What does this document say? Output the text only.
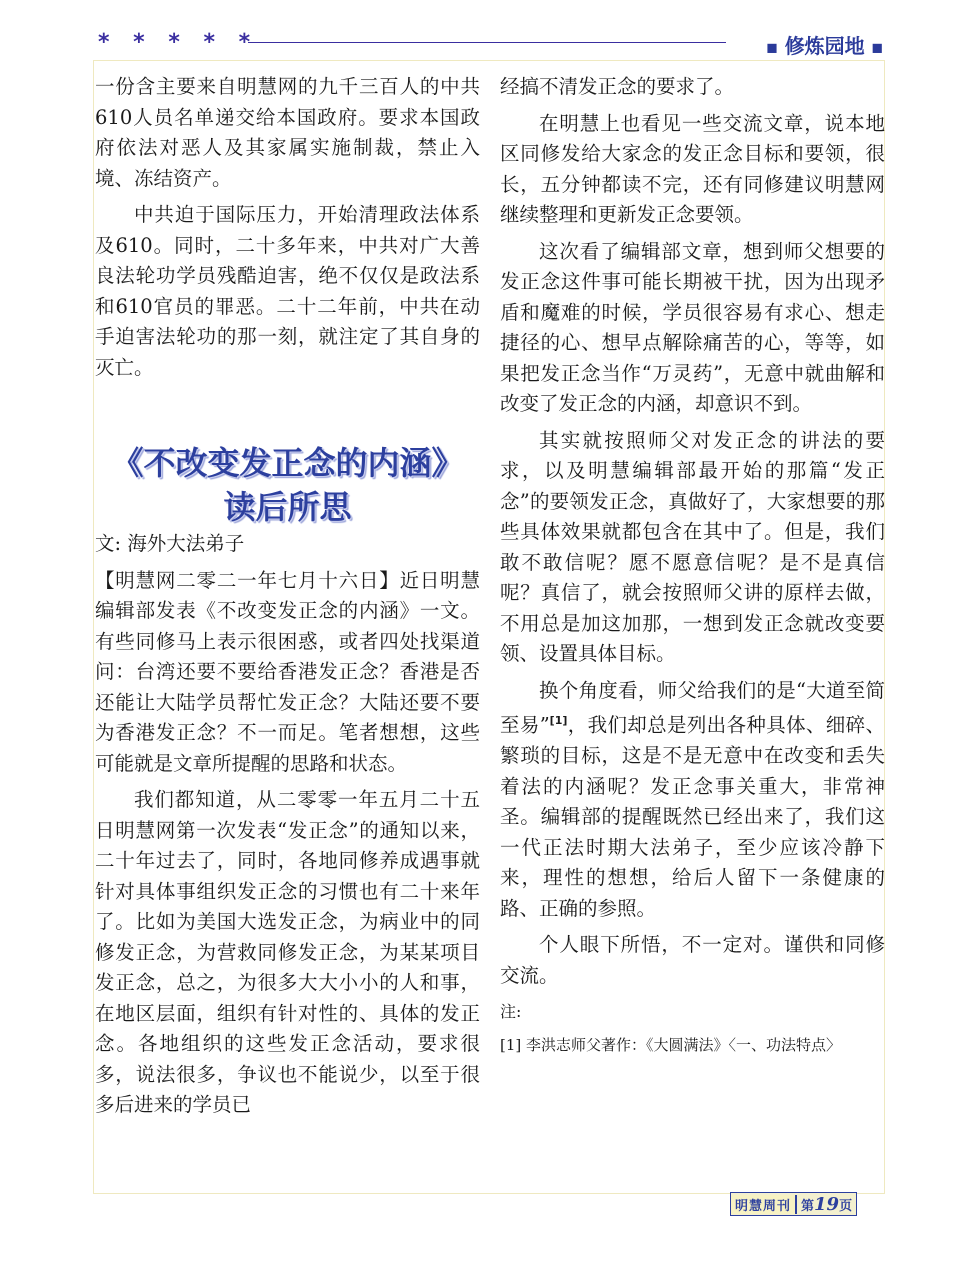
* * * * *	■ 修炼园地 ■

一份含主要来自明慧网的九千三百人的中共610人员名单递交给本国政府。要求本国政府依法对恶人及其家属实施制裁，禁止入境、冻结资产。

中共迫于国际压力，开始清理政法体系及610。同时，二十多年来，中共对广大善良法轮功学员残酷迫害，绝不仅仅是政法系和610官员的罪恶。二十二年前，中共在动手迫害法轮功的那一刻，就注定了其自身的灭亡。

《不改变发正念的内涵》
读后所思

文: 海外大法弟子

【明慧网二零二一年七月十六日】近日明慧编辑部发表《不改变发正念的内涵》一文。有些同修马上表示很困惑，或者四处找渠道问：台湾还要不要给香港发正念？香港是否还能让大陆学员帮忙发正念？大陆还要不要为香港发正念？不一而足。笔者想想，这些可能就是文章所提醒的思路和状态。

我们都知道，从二零零一年五月二十五日明慧网第一次发表“发正念”的通知以来，二十年过去了，同时，各地同修养成遇事就针对具体事组织发正念的习惯也有二十来年了。比如为美国大选发正念，为病业中的同修发正念，为营救同修发正念，为某某项目发正念，总之，为很多大大小小的人和事，在地区层面，组织有针对性的、具体的发正念。各地组织的这些发正念活动，要求很多，说法很多，争议也不能说少，以至于很多后进来的学员已

经搞不清发正念的要求了。

在明慧上也看见一些交流文章，说本地区同修发给大家念的发正念目标和要领，很长，五分钟都读不完，还有同修建议明慧网继续整理和更新发正念要领。

这次看了编辑部文章，想到师父想要的发正念这件事可能长期被干扰，因为出现矛盾和魔难的时候，学员很容易有求心、想走捷径的心、想早点解除痛苦的心，等等，如果把发正念当作“万灵药”，无意中就曲解和改变了发正念的内涵，却意识不到。

其实就按照师父对发正念的讲法的要求，以及明慧编辑部最开始的那篇“发正念”的要领发正念，真做好了，大家想要的那些具体效果就都包含在其中了。但是，我们敢不敢信呢？愿不愿意信呢？是不是真信呢？真信了，就会按照师父讲的原样去做，不用总是加这加那，一想到发正念就改变要领、设置具体目标。

换个角度看，师父给我们的是“大道至简至易”[1]，我们却总是列出各种具体、细碎、繁琐的目标，这是不是无意中在改变和丢失着法的内涵呢？发正念事关重大，非常神圣。编辑部的提醒既然已经出来了，我们这一代正法时期大法弟子，至少应该冷静下来，理性的想想，给后人留下一条健康的路、正确的参照。

个人眼下所悟，不一定对。谨供和同修交流。

注:

[1] 李洪志师父著作：《大圆满法》〈一、功法特点〉

明慧周刊 第19页
